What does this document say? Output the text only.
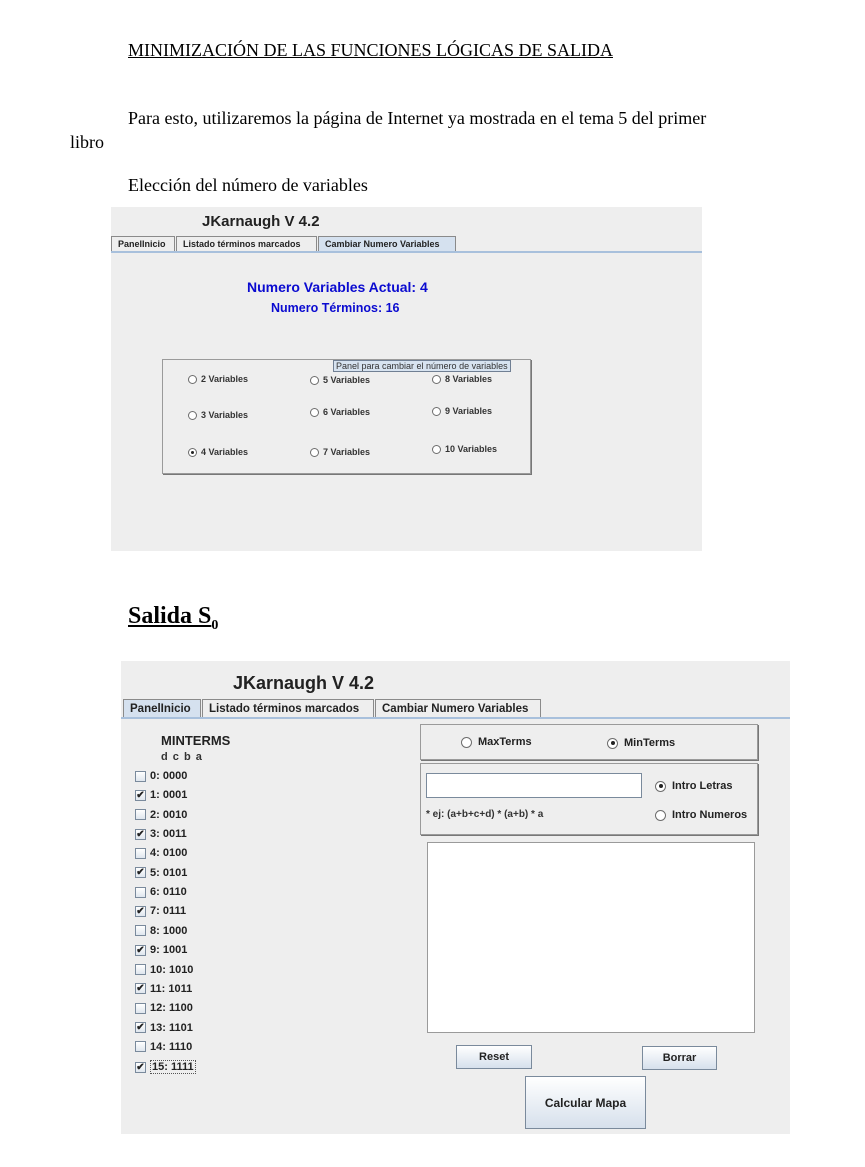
MINIMIZACIÓN DE LAS FUNCIONES LÓGICAS DE SALIDA
Para esto, utilizaremos la página de Internet ya mostrada en el tema 5 del primer
libro
Elección del número de variables
JKarnaugh V 4.2
PanelInicio	Listado términos marcados	Cambiar Numero Variables
Numero Variables Actual: 4
Numero Términos: 16
2 Variables
3 Variables
4 Variables
5 Variables
6 Variables
7 Variables
8 Variables
9 Variables
10 Variables
Panel para cambiar el número de variables
Salida $S_0$
JKarnaugh V 4.2
PanelInicio	Listado términos marcados	Cambiar Numero Variables
MINTERMS
d c b a
0: 0000
✔ 1: 0001
2: 0010
✔ 3: 0011
4: 0100
✔ 5: 0101
6: 0110
✔ 7: 0111
8: 1000
✔ 9: 1001
10: 1010
✔ 11: 1011
12: 1100
✔ 13: 1101
14: 1110
✔ 15: 1111
MaxTerms	MinTerms
Intro Letras
* ej: (a+b+c+d) * (a+b) * a	Intro Numeros
Reset	Borrar
Calcular Mapa
